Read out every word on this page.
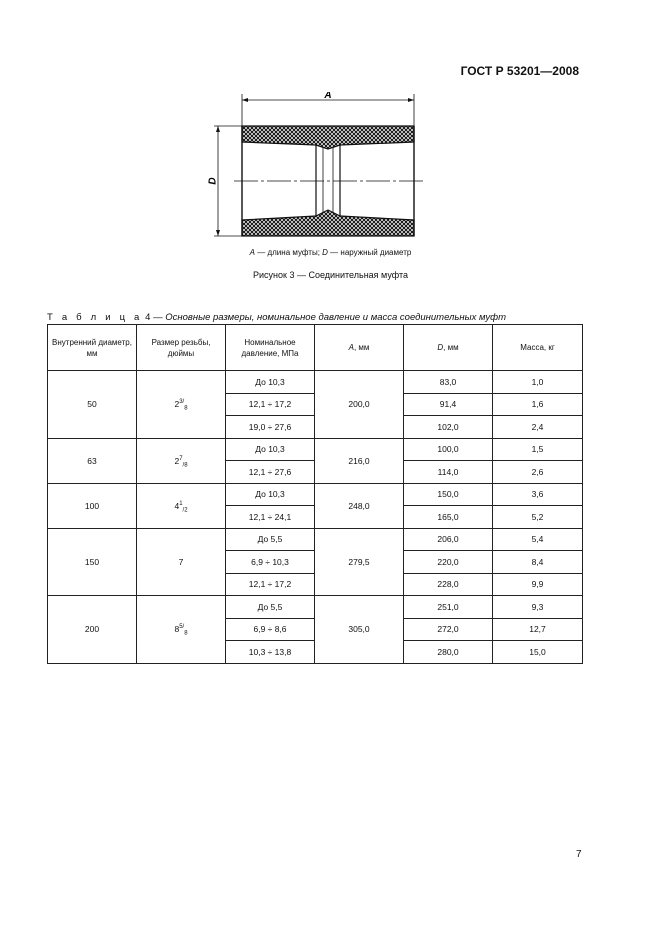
ГОСТ Р 53201—2008
A
D
A — длина муфты; D — наружный диаметр
Рисунок 3 — Соединительная муфта
Т а б л и ц а 4 — Основные размеры, номинальное давление и масса соединительных муфт
Внутренний диаметр, мм	Размер резьбы, дюймы	Номинальное давление, МПа	A, мм	D, мм	Масса, кг
50	$2^{3/}_8$	До 10,3	200,0	83,0	1,0
		12,1 ÷ 17,2		91,4	1,6
		19,0 ÷ 27,6		102,0	2,4
63	$2^7_{/8}$	До 10,3	216,0	100,0	1,5
		12,1 ÷ 27,6		114,0	2,6
100	$4^1_{/2}$	До 10,3	248,0	150,0	3,6
		12,1 ÷ 24,1		165,0	5,2
150	7	До 5,5	279,5	206,0	5,4
		6,9 ÷ 10,3		220,0	8,4
		12,1 ÷ 17,2		228,0	9,9
200	$8^{5/}_8$	До 5,5	305,0	251,0	9,3
		6,9 ÷ 8,6		272,0	12,7
		10,3 ÷ 13,8		280,0	15,0
7
